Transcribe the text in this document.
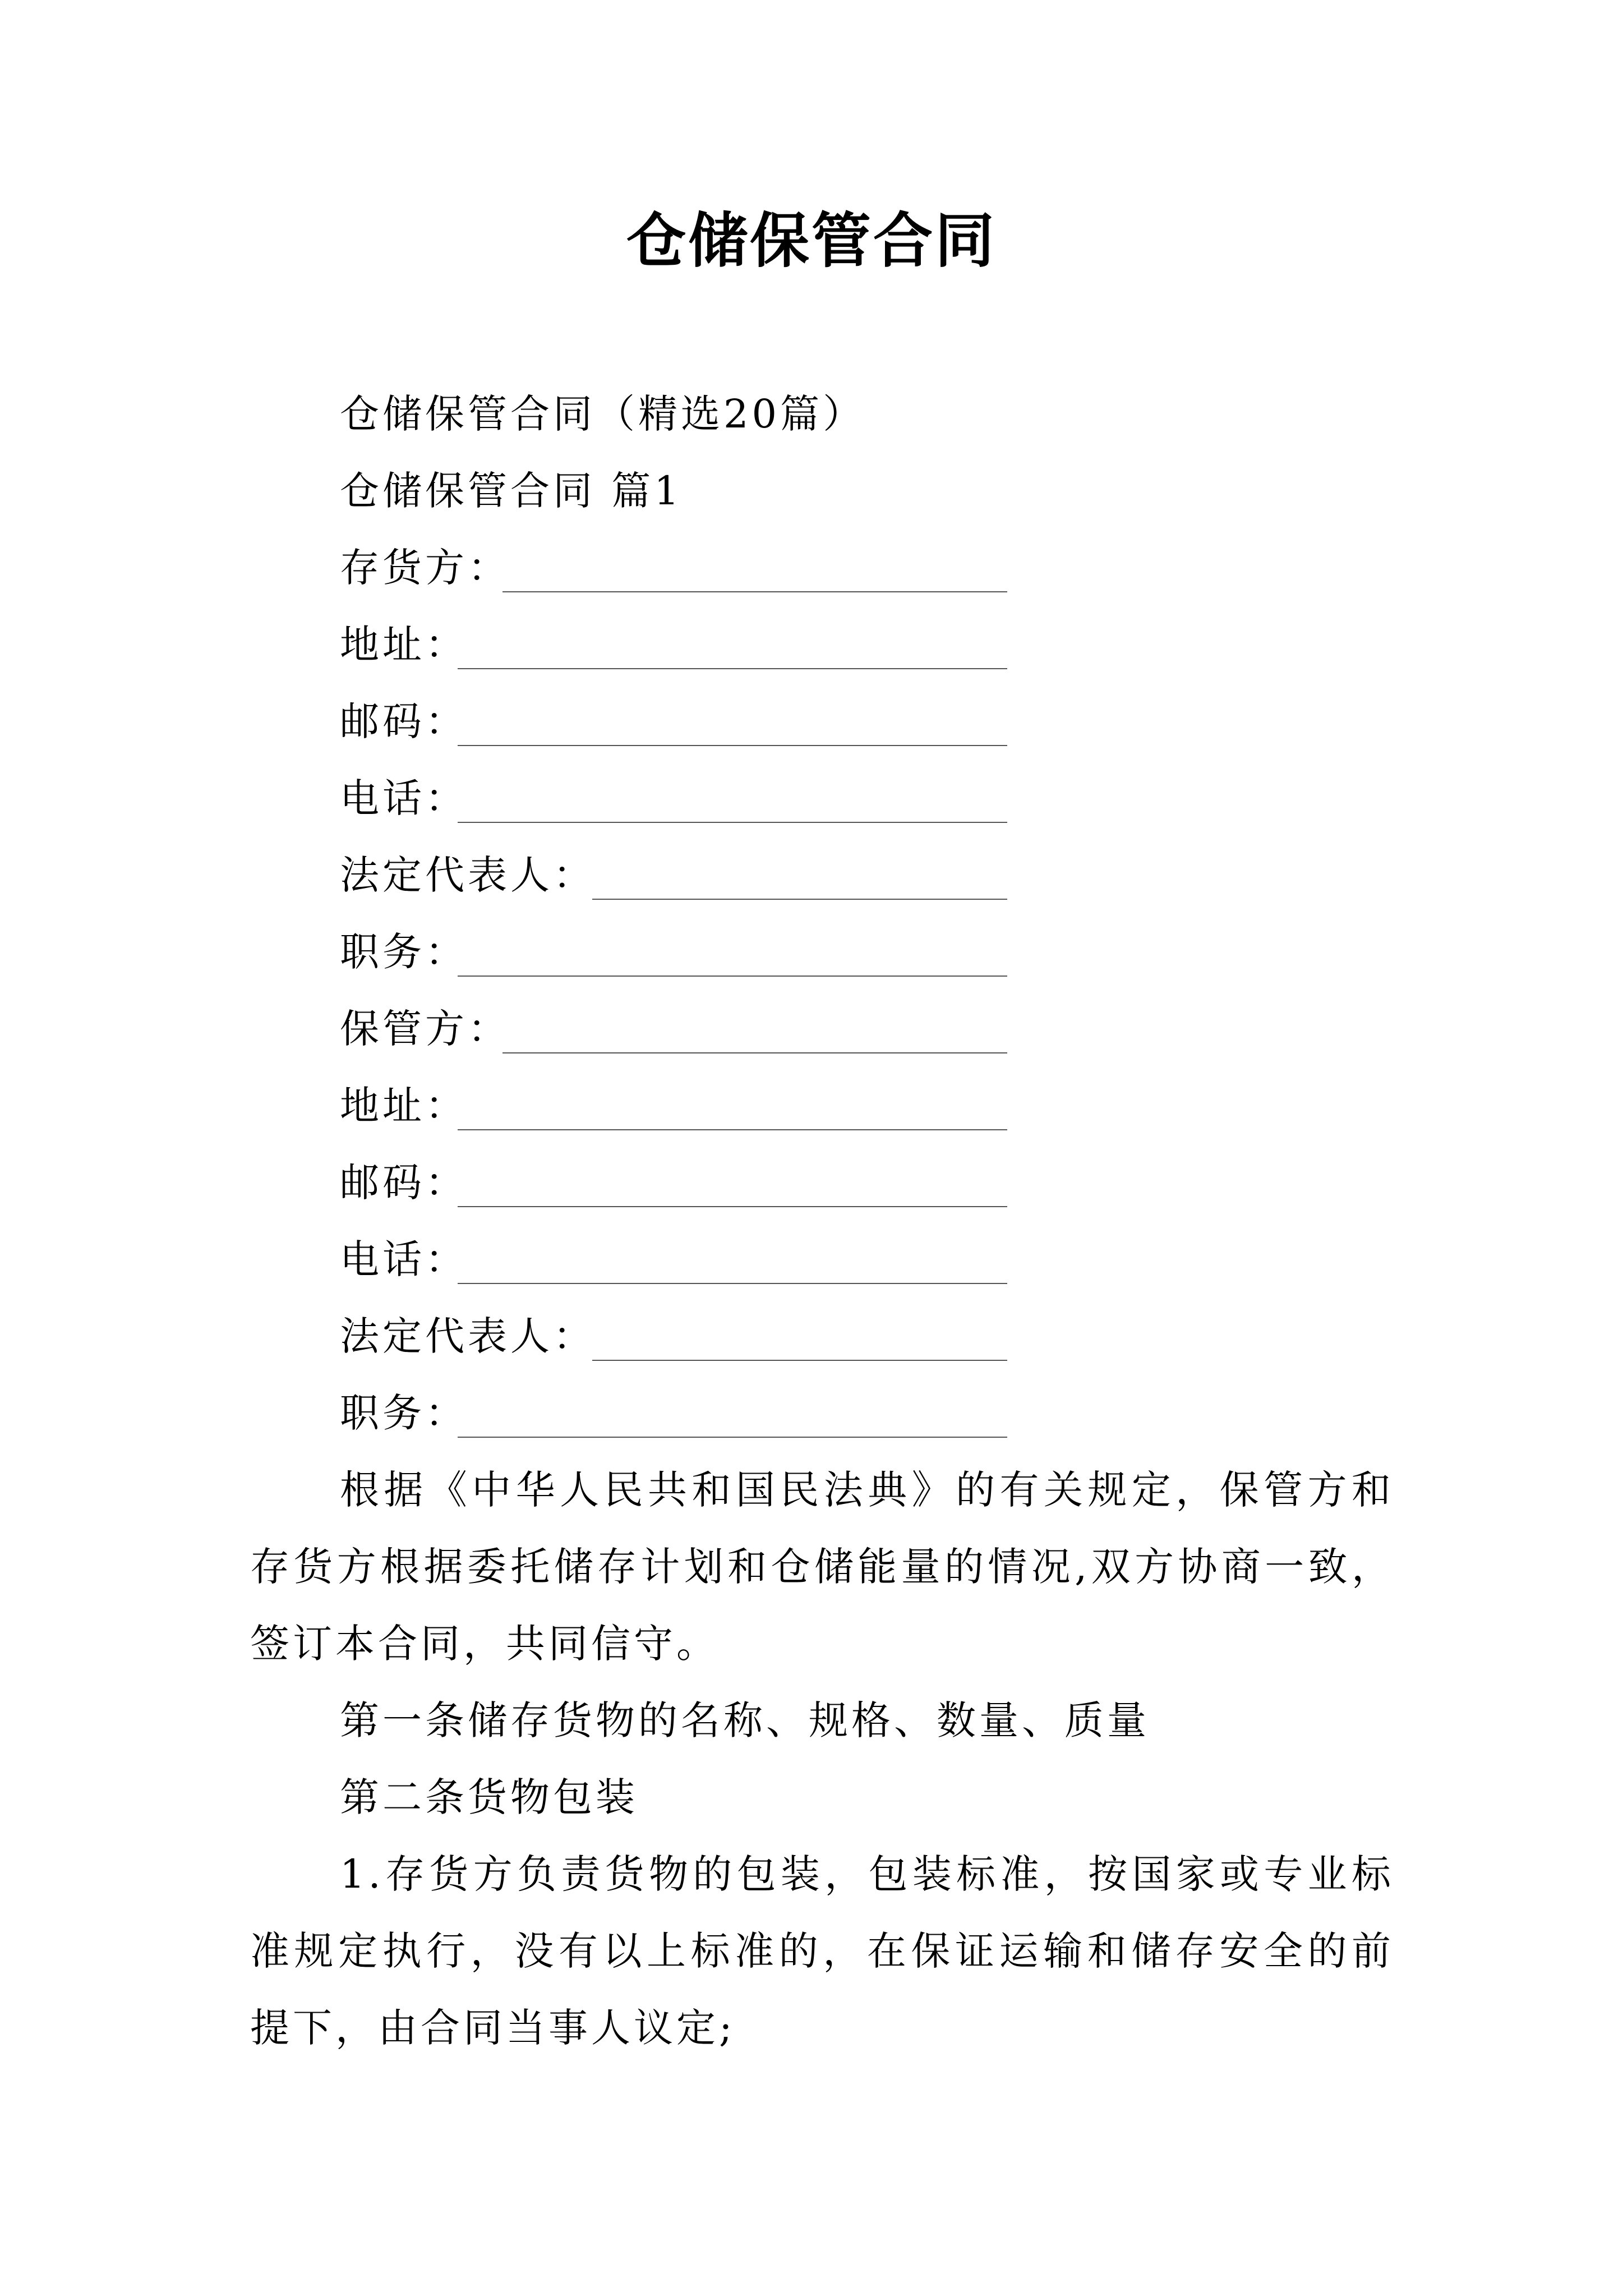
仓储保管合同
仓储保管合同（精选20篇）
仓储保管合同 篇1
存货方：
地址：
邮码：
电话：
法定代表人：
职务：
保管方：
地址：
邮码：
电话：
法定代表人：
职务：

根据《中华人民共和国民法典》的有关规定，保管方和存货方根据委托储存计划和仓储能量的情况,双方协商一致，签订本合同，共同信守。

第一条储存货物的名称、规格、数量、质量

第二条货物包装

1.存货方负责货物的包装，包装标准，按国家或专业标准规定执行，没有以上标准的，在保证运输和储存安全的前提下，由合同当事人议定;
